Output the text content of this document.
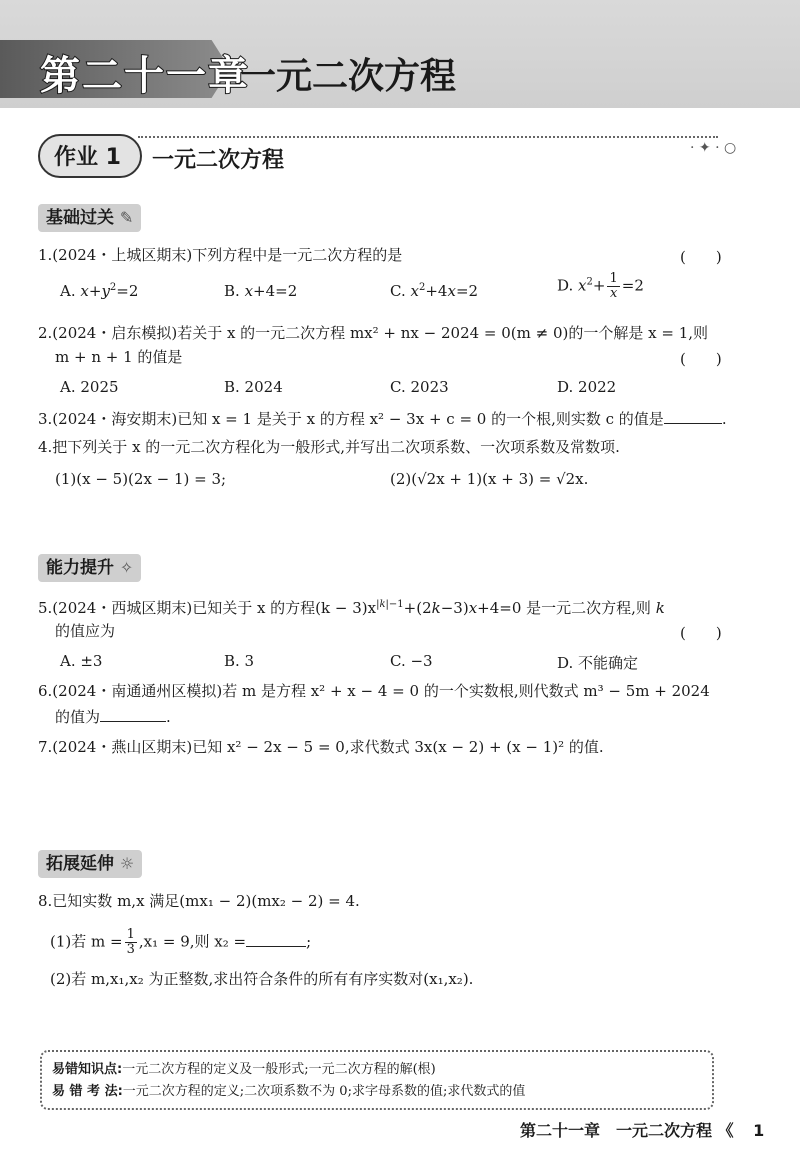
第二十一章
一元二次方程
作业 1 一元二次方程	· ✦ · ○
基础过关 ✎
1.(2024・上城区期末)下列方程中是一元二次方程的是	(　　)
A. $x+y^2=2$	B. x+4=2	C. $x^2+4x=2$	D. $x^2+ \frac{1}{x} =2$
2.(2024・启东模拟)若关于 x 的一元二次方程 mx² + nx − 2024 = 0(m ≠ 0)的一个解是 x = 1,则
m + n + 1 的值是	(　　)
A. 2025	B. 2024	C. 2023	D. 2022
3.(2024・海安期末)已知 x = 1 是关于 x 的方程 x² − 3x + c = 0 的一个根,则实数 c 的值是	.
4.把下列关于 x 的一元二次方程化为一般形式,并写出二次项系数、一次项系数及常数项.
(1)(x − 5)(2x − 1) = 3;	(2)(√2x + 1)(x + 3) = √2x.
能力提升 ✧
5.(2024・西城区期末)已知关于 x 的方程$(k - 3)x^{|k|-1}+(2k-3)x+4=0$ 是一元二次方程,则 k
的值应为	(　　)
A. ±3	B. 3	C. −3	D. 不能确定
6.(2024・南通通州区模拟)若 m 是方程 x² + x − 4 = 0 的一个实数根,则代数式 m³ − 5m + 2024
的值为	.
7.(2024・燕山区期末)已知 x² − 2x − 5 = 0,求代数式 3x(x − 2) + (x − 1)² 的值.
拓展延伸 ☼
8.已知实数 m,x 满足(mx₁ − 2)(mx₂ − 2) = 4.
(1)若 $m = \frac{1}{3} ,x_1 = 9$,则 x₂ =	;
(2)若 m,x₁,x₂ 为正整数,求出符合条件的所有有序实数对(x₁,x₂).
易错知识点:一元二次方程的定义及一般形式;一元二次方程的解(根)
易 错 考 法:一元二次方程的定义;二次项系数不为 0;求字母系数的值;求代数式的值
第二十一章　一元二次方程 《 1
